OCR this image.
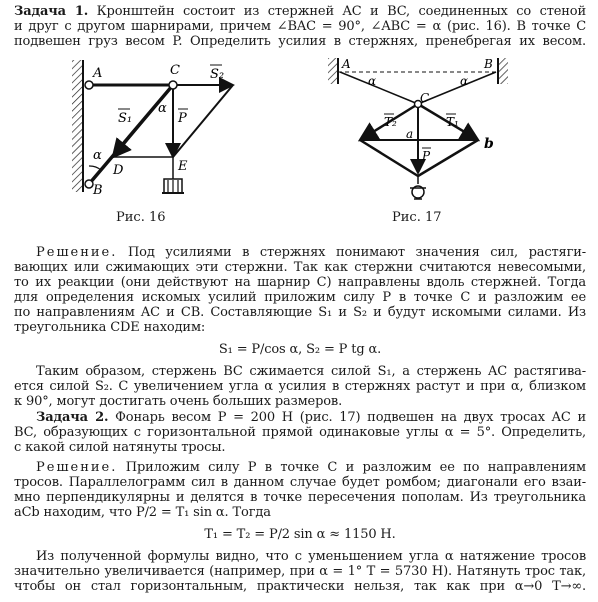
Задача 1. Кронштейн состоит из стержней AC и BC, соединенных со стеной
и друг с другом шарнирами, причем ∠BAC = 90°, ∠ABC = α (рис. 16). В точке C
подвешен груз весом P. Определить усилия в стержнях, пренебрегая их весом.
A	C S₂
S₁
α
P
α
D	E
B
Рис. 16
A	B
α	α
C
T₂	T₁
a
b
P
Рис. 17
Решение. Под усилиями в стержнях понимают значения сил, растяги-
вающих или сжимающих эти стержни. Так как стержни считаются невесомыми,
то их реакции (они действуют на шарнир C) направлены вдоль стержней. Тогда
для определения искомых усилий приложим силу P в точке C и разложим ее
по направлениям AC и CB. Составляющие S₁ и S₂ и будут искомыми силами. Из
треугольника CDE находим:
S₁ = P/cos α, S₂ = P tg α.
Таким образом, стержень BC сжимается силой S₁, а стержень AC растягива-
ется силой S₂. С увеличением угла α усилия в стержнях растут и при α, близком
к 90°, могут достигать очень больших размеров.
Задача 2. Фонарь весом P = 200 Н (рис. 17) подвешен на двух тросах AC и
BC, образующих с горизонтальной прямой одинаковые углы α = 5°. Определить,
с какой силой натянуты тросы.
Решение. Приложим силу P в точке C и разложим ее по направлениям
тросов. Параллелограмм сил в данном случае будет ромбом; диагонали его взаи-
мно перпендикулярны и делятся в точке пересечения пополам. Из треугольника
aCb находим, что P/2 = T₁ sin α. Тогда
T₁ = T₂ = P/2 sin α ≈ 1150 Н.
Из полученной формулы видно, что с уменьшением угла α натяжение тросов
значительно увеличивается (например, при α = 1° T = 5730 Н). Натянуть трос так,
чтобы он стал горизонтальным, практически нельзя, так как при α→0 T→∞.
